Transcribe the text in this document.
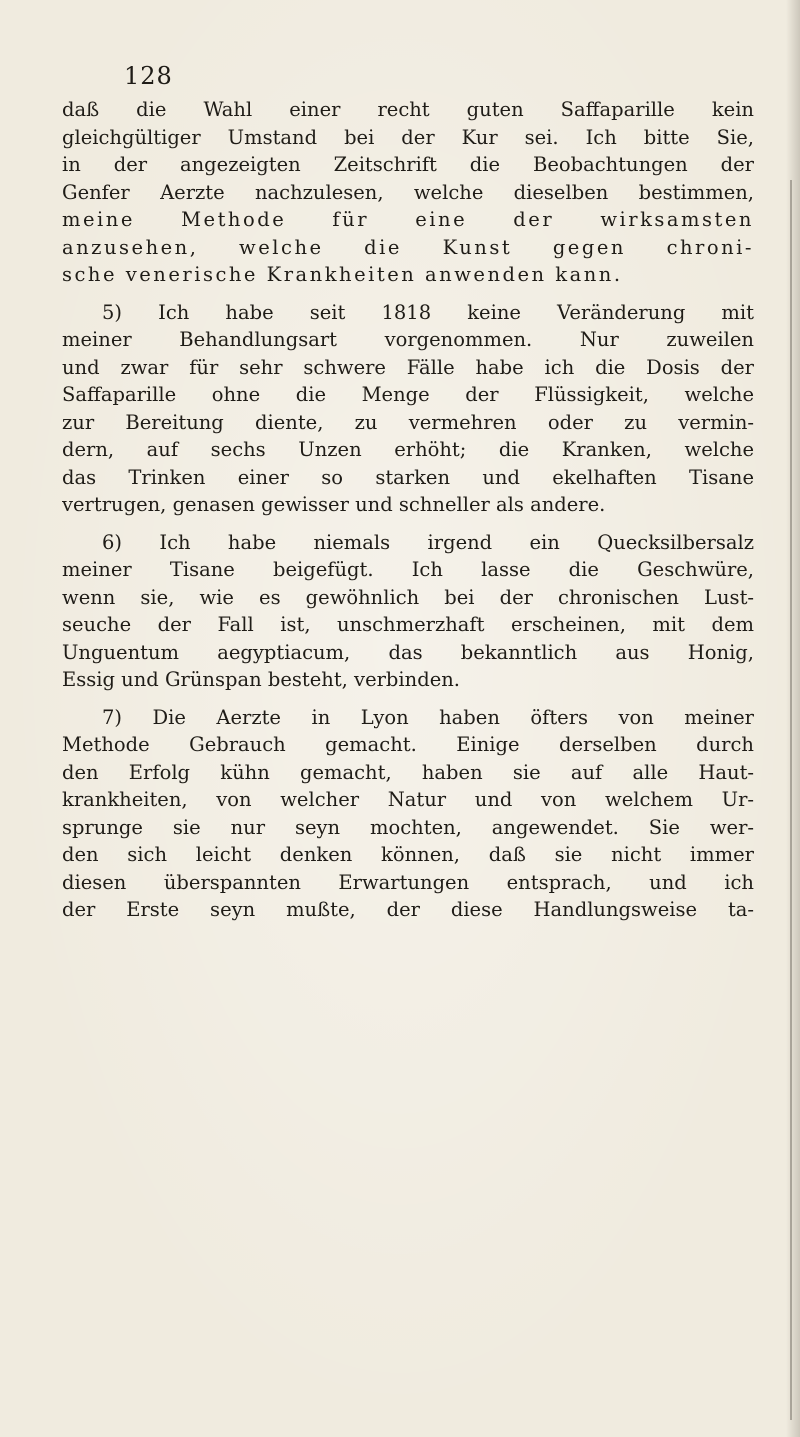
128
daß die Wahl einer recht guten Saffaparille kein
gleichgültiger Umstand bei der Kur sei. Ich bitte Sie,
in der angezeigten Zeitschrift die Beobachtungen der
Genfer Aerzte nachzulesen, welche dieselben bestimmen,
meine Methode für eine der wirksamsten
anzusehen, welche die Kunst gegen chroni-
sche venerische Krankheiten anwenden kann.
5) Ich habe seit 1818 keine Veränderung mit
meiner Behandlungsart vorgenommen. Nur zuweilen
und zwar für sehr schwere Fälle habe ich die Dosis der
Saffaparille ohne die Menge der Flüssigkeit, welche
zur Bereitung diente, zu vermehren oder zu vermin-
dern, auf sechs Unzen erhöht; die Kranken, welche
das Trinken einer so starken und ekelhaften Tisane
vertrugen, genasen gewisser und schneller als andere.
6) Ich habe niemals irgend ein Quecksilbersalz
meiner Tisane beigefügt. Ich lasse die Geschwüre,
wenn sie, wie es gewöhnlich bei der chronischen Lust-
seuche der Fall ist, unschmerzhaft erscheinen, mit dem
Unguentum aegyptiacum, das bekanntlich aus Honig,
Essig und Grünspan besteht, verbinden.
7) Die Aerzte in Lyon haben öfters von meiner
Methode Gebrauch gemacht. Einige derselben durch
den Erfolg kühn gemacht, haben sie auf alle Haut-
krankheiten, von welcher Natur und von welchem Ur-
sprunge sie nur seyn mochten, angewendet. Sie wer-
den sich leicht denken können, daß sie nicht immer
diesen überspannten Erwartungen entsprach, und ich
der Erste seyn mußte, der diese Handlungsweise ta-
